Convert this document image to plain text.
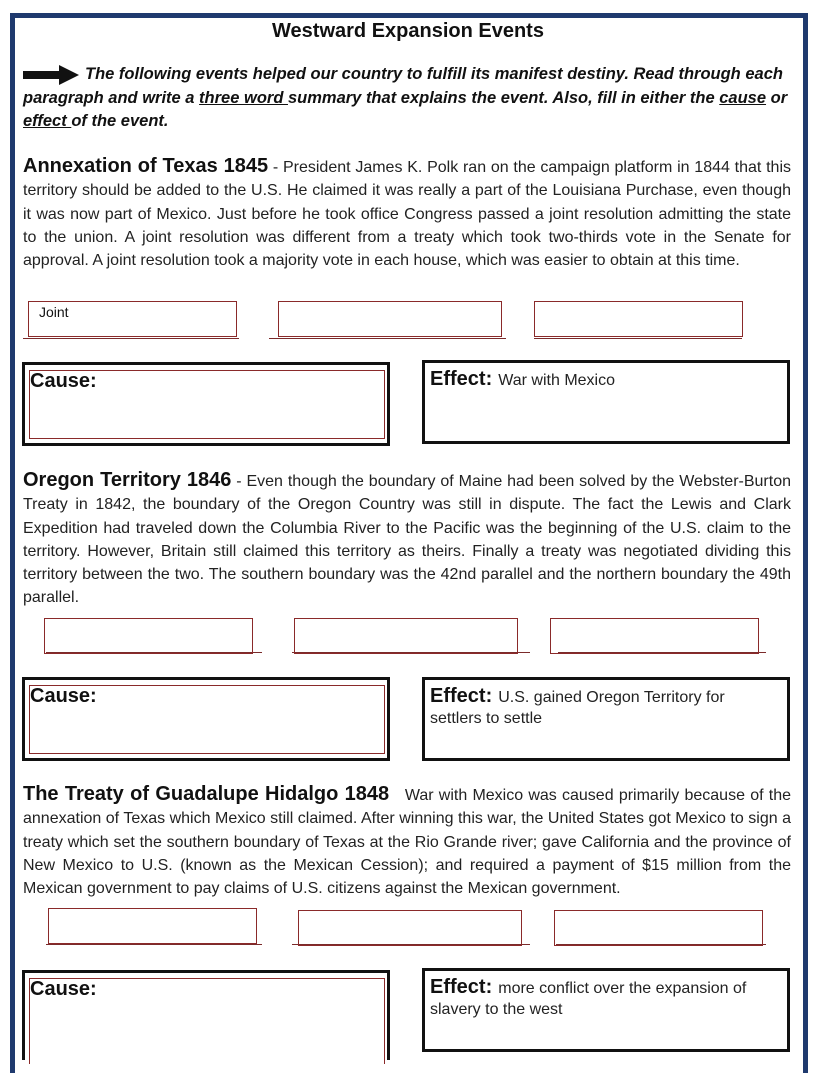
Westward Expansion Events
The following events helped our country to fulfill its manifest destiny. Read through each paragraph and write a three word summary that explains the event. Also, fill in either the cause or effect of the event.
Annexation of Texas 1845 - President James K. Polk ran on the campaign platform in 1844 that this territory should be added to the U.S. He claimed it was really a part of the Louisiana Purchase, even though it was now part of Mexico. Just before he took office Congress passed a joint resolution admitting the state to the union. A joint resolution was different from a treaty which took two-thirds vote in the Senate for approval. A joint resolution took a majority vote in each house, which was easier to obtain at this time.
Joint
Cause:	Effect: War with Mexico
Oregon Territory 1846 - Even though the boundary of Maine had been solved by the Webster-Burton Treaty in 1842, the boundary of the Oregon Country was still in dispute. The fact the Lewis and Clark Expedition had traveled down the Columbia River to the Pacific was the beginning of the U.S. claim to the territory. However, Britain still claimed this territory as theirs. Finally a treaty was negotiated dividing this territory between the two. The southern boundary was the 42nd parallel and the northern boundary the 49th parallel.
Cause:	Effect: U.S. gained Oregon Territory for settlers to settle
The Treaty of Guadalupe Hidalgo 1848 War with Mexico was caused primarily because of the annexation of Texas which Mexico still claimed. After winning this war, the United States got Mexico to sign a treaty which set the southern boundary of Texas at the Rio Grande river; gave California and the province of New Mexico to U.S. (known as the Mexican Cession); and required a payment of $15 million from the Mexican government to pay claims of U.S. citizens against the Mexican government.
Cause:	Effect: more conflict over the expansion of slavery to the west
